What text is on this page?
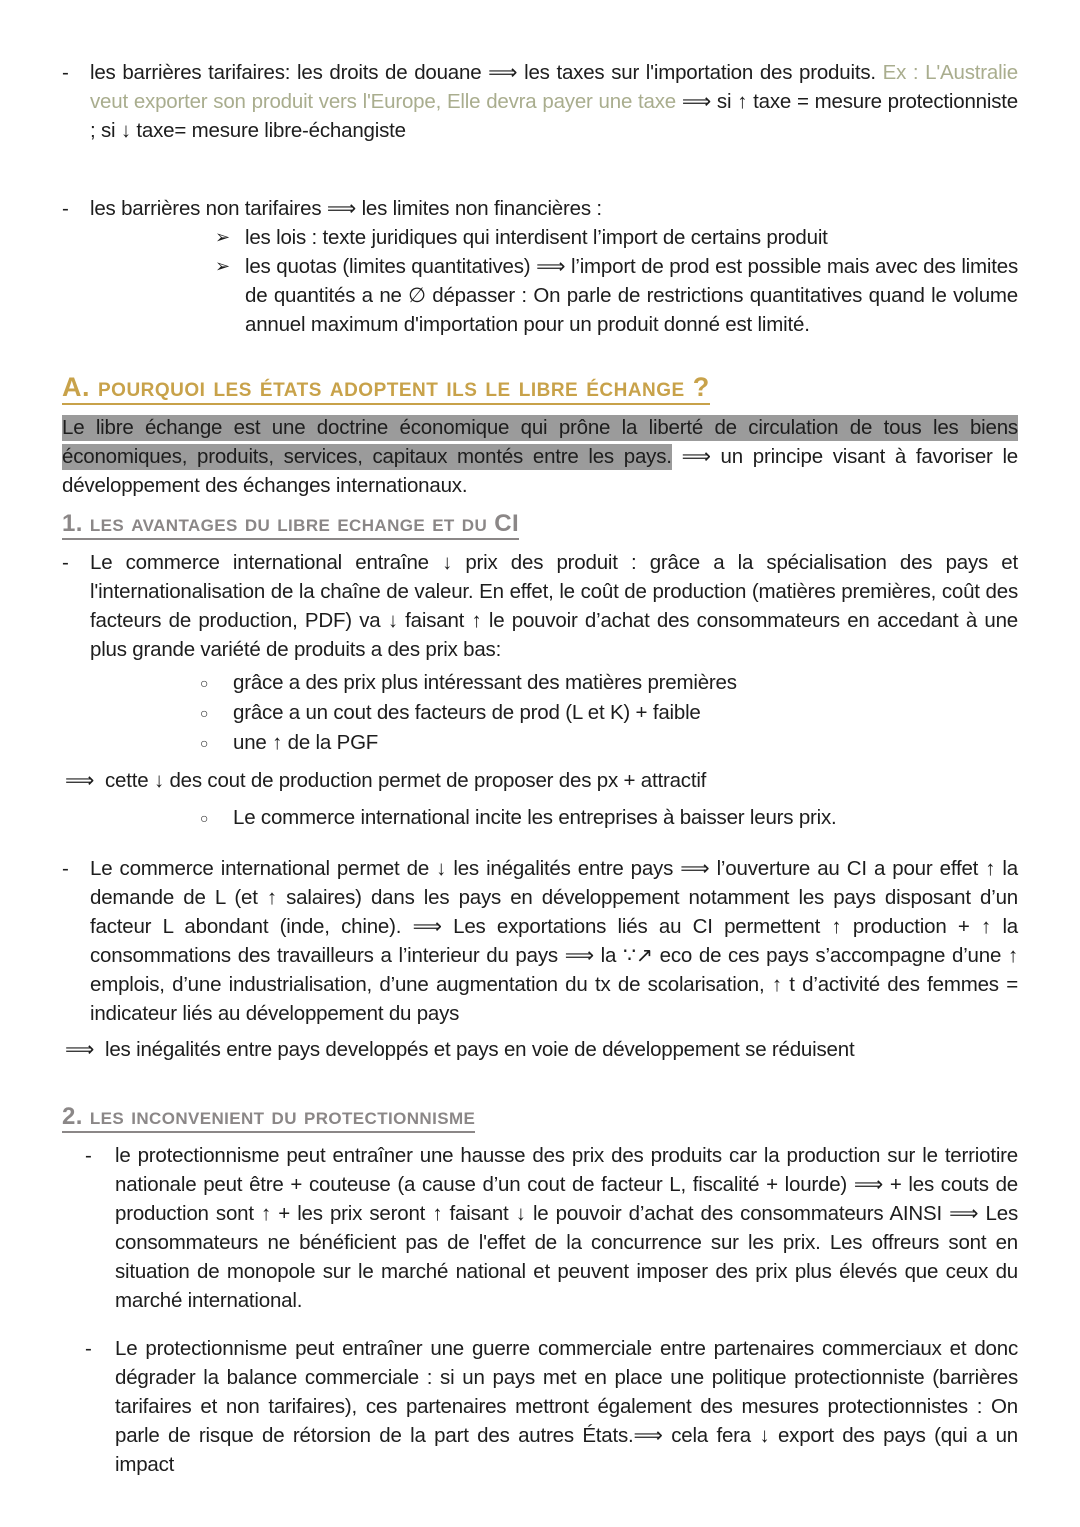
-	les barrières tarifaires: les droits de douane ⟹ les taxes sur l'importation des produits. Ex : L'Australie veut exporter son produit vers l'Europe, Elle devra payer une taxe ⟹ si ↑ taxe = mesure protectionniste ; si ↓ taxe= mesure libre-échangiste
-	les barrières non tarifaires ⟹ les limites non financières :
➢ les lois : texte juridiques qui interdisent l’import de certains produit
➢ les quotas (limites quantitatives) ⟹ l’import de prod est possible mais avec des limites de quantités a ne ∅ dépasser : On parle de restrictions quantitatives quand le volume annuel maximum d'importation pour un produit donné est limité.
A. pourquoi les états adoptent ils le libre échange ?

Le libre échange est une doctrine économique qui prône la liberté de circulation de tous les biens économiques, produits, services, capitaux montés entre les pays. ⟹ un principe visant à favoriser le développement des échanges internationaux.

1. les avantages du libre echange et du CI
-	Le commerce international entraîne ↓ prix des produit : grâce a la spécialisation des pays et l'internationalisation de la chaîne de valeur. En effet, le coût de production (matières premières, coût des facteurs de production, PDF) va ↓ faisant ↑ le pouvoir d’achat des consommateurs en accedant à une plus grande variété de produits a des prix bas:
○	grâce a des prix plus intéressant des matières premières
○	grâce a un cout des facteurs de prod (L et K) + faible
○	une ↑ de la PGF
⟹ cette ↓ des cout de production permet de proposer des px + attractif
○	Le commerce international incite les entreprises à baisser leurs prix.
-	Le commerce international permet de ↓ les inégalités entre pays ⟹ l’ouverture au CI a pour effet ↑ la demande de L (et ↑ salaires) dans les pays en développement notamment les pays disposant d’un facteur L abondant (inde, chine). ⟹ Les exportations liés au CI permettent ↑ production + ↑ la consommations des travailleurs a l’interieur du pays ⟹ la ∵↗ eco de ces pays s’accompagne d’une ↑ emplois, d’une industrialisation, d’une augmentation du tx de scolarisation, ↑ t d’activité des femmes = indicateur liés au développement du pays
⟹ les inégalités entre pays developpés et pays en voie de développement se réduisent
2. les inconvenient du protectionnisme
-	le protectionnisme peut entraîner une hausse des prix des produits car la production sur le terriotire nationale peut être + couteuse (a cause d’un cout de facteur L, fiscalité + lourde) ⟹ + les couts de production sont ↑ + les prix seront ↑ faisant ↓ le pouvoir d’achat des consommateurs AINSI ⟹ Les consommateurs ne bénéficient pas de l'effet de la concurrence sur les prix. Les offreurs sont en situation de monopole sur le marché national et peuvent imposer des prix plus élevés que ceux du marché international.
-	Le protectionnisme peut entraîner une guerre commerciale entre partenaires commerciaux et donc dégrader la balance commerciale : si un pays met en place une politique protectionniste (barrières tarifaires et non tarifaires), ces partenaires mettront également des mesures protectionnistes : On parle de risque de rétorsion de la part des autres États.⟹ cela fera ↓ export des pays (qui a un impact
